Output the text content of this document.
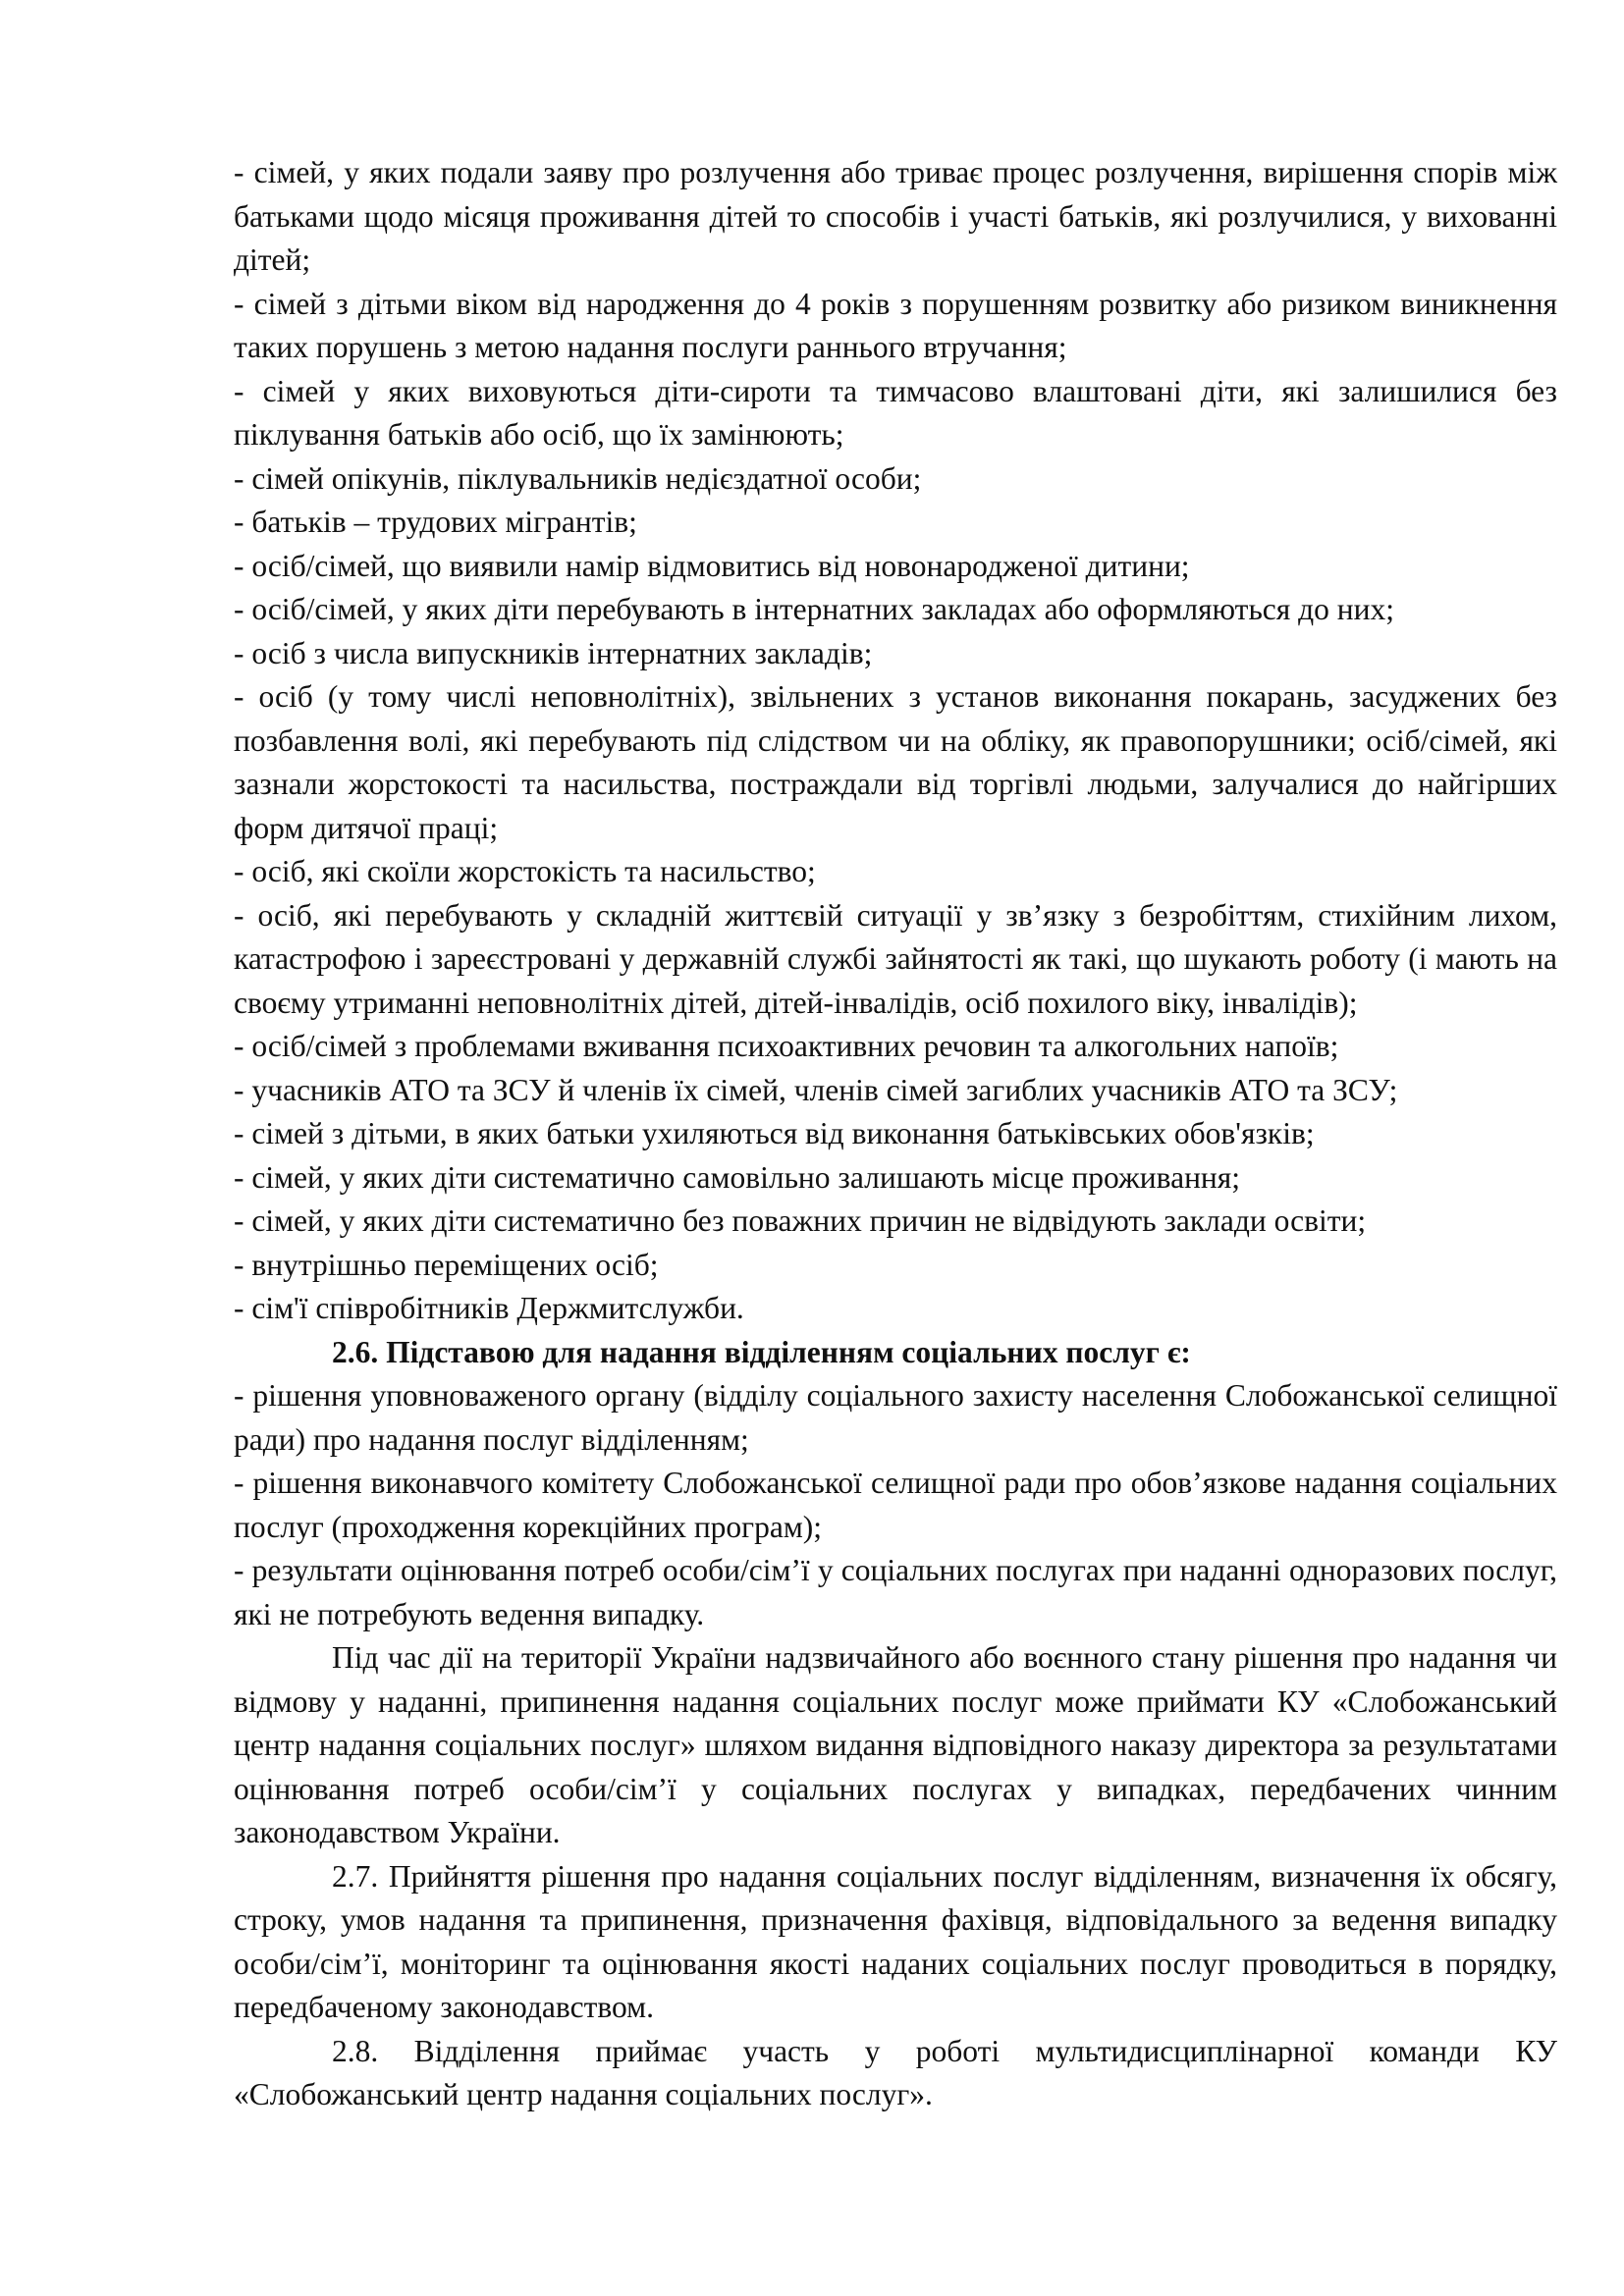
- сімей, у яких подали заяву про розлучення або триває процес розлучення, вирішення спорів між батьками щодо місяця проживання дітей то способів і участі батьків, які розлучилися, у вихованні дітей;

- сімей з дітьми віком від народження до 4 років з порушенням розвитку або ризиком виникнення таких порушень з метою надання послуги раннього втручання;

- сімей у яких виховуються діти-сироти та тимчасово влаштовані діти, які залишилися без піклування батьків або осіб, що їх замінюють;

- сімей опікунів, піклувальників недієздатної особи;

- батьків – трудових мігрантів;

- осіб/сімей, що виявили намір відмовитись від новонародженої дитини;

- осіб/сімей, у яких діти перебувають в інтернатних закладах або оформляються до них;

- осіб з числа випускників інтернатних закладів;

- осіб (у тому числі неповнолітніх), звільнених з установ виконання покарань, засуджених без позбавлення волі, які перебувають під слідством чи на обліку, як правопорушники; осіб/сімей, які зазнали жорстокості та насильства, постраждали від торгівлі людьми, залучалися до найгірших форм дитячої праці;

- осіб, які скоїли жорстокість та насильство;

- осіб, які перебувають у складній життєвій ситуації у зв’язку з безробіттям, стихійним лихом, катастрофою і зареєстровані у державній службі зайнятості як такі, що шукають роботу (і мають на своєму утриманні неповнолітніх дітей, дітей-інвалідів, осіб похилого віку, інвалідів);

- осіб/сімей з проблемами вживання психоактивних речовин та алкогольних напоїв;

- учасників АТО та ЗСУ й членів їх сімей, членів сімей загиблих учасників АТО та ЗСУ;

- сімей з дітьми, в яких батьки ухиляються від виконання батьківських обов'язків;

- сімей, у яких діти систематично самовільно залишають місце проживання;

- сімей, у яких діти систематично без поважних причин не відвідують заклади освіти;

- внутрішньо переміщених осіб;

- сім'ї співробітників Держмитслужби.

2.6. Підставою для надання відділенням соціальних послуг є:

- рішення уповноваженого органу (відділу соціального захисту населення Слобожанської селищної ради) про надання послуг відділенням;

- рішення виконавчого комітету Слобожанської селищної ради про обов’язкове надання соціальних послуг (проходження корекційних програм);

- результати оцінювання потреб особи/сім’ї у соціальних послугах при наданні одноразових послуг, які не потребують ведення випадку.

Під час дії на території України надзвичайного або воєнного стану рішення про надання чи відмову у наданні, припинення надання соціальних послуг може приймати КУ «Слобожанський центр надання соціальних послуг» шляхом видання відповідного наказу директора за результатами оцінювання потреб особи/сім’ї у соціальних послугах у випадках, передбачених чинним законодавством України.

2.7. Прийняття рішення про надання соціальних послуг відділенням, визначення їх обсягу, строку, умов надання та припинення, призначення фахівця, відповідального за ведення випадку особи/сім’ї, моніторинг та оцінювання якості наданих соціальних послуг проводиться в порядку, передбаченому законодавством.

2.8. Відділення приймає участь у роботі мультидисциплінарної команди КУ «Слобожанський центр надання соціальних послуг».
